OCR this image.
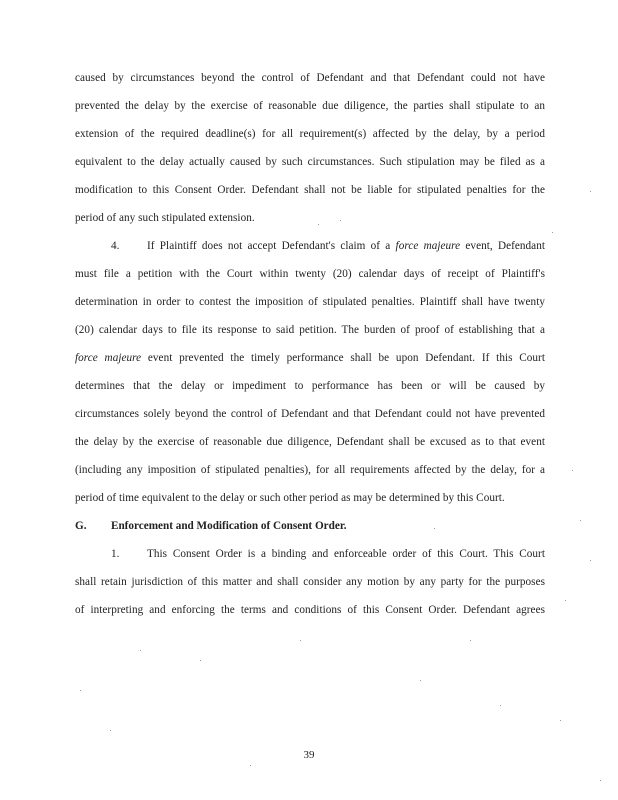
caused by circumstances beyond the control of Defendant and that Defendant could not have
prevented the delay by the exercise of reasonable due diligence, the parties shall stipulate to an
extension of the required deadline(s) for all requirement(s) affected by the delay, by a period
equivalent to the delay actually caused by such circumstances. Such stipulation may be filed as a
modification to this Consent Order. Defendant shall not be liable for stipulated penalties for the
period of any such stipulated extension.
4. If Plaintiff does not accept Defendant's claim of a force majeure event, Defendant
must file a petition with the Court within twenty (20) calendar days of receipt of Plaintiff's
determination in order to contest the imposition of stipulated penalties. Plaintiff shall have twenty
(20) calendar days to file its response to said petition. The burden of proof of establishing that a
force majeure event prevented the timely performance shall be upon Defendant. If this Court
determines that the delay or impediment to performance has been or will be caused by
circumstances solely beyond the control of Defendant and that Defendant could not have prevented
the delay by the exercise of reasonable due diligence, Defendant shall be excused as to that event
(including any imposition of stipulated penalties), for all requirements affected by the delay, for a
period of time equivalent to the delay or such other period as may be determined by this Court.
G. Enforcement and Modification of Consent Order.
1. This Consent Order is a binding and enforceable order of this Court. This Court
shall retain jurisdiction of this matter and shall consider any motion by any party for the purposes
of interpreting and enforcing the terms and conditions of this Consent Order. Defendant agrees
39
